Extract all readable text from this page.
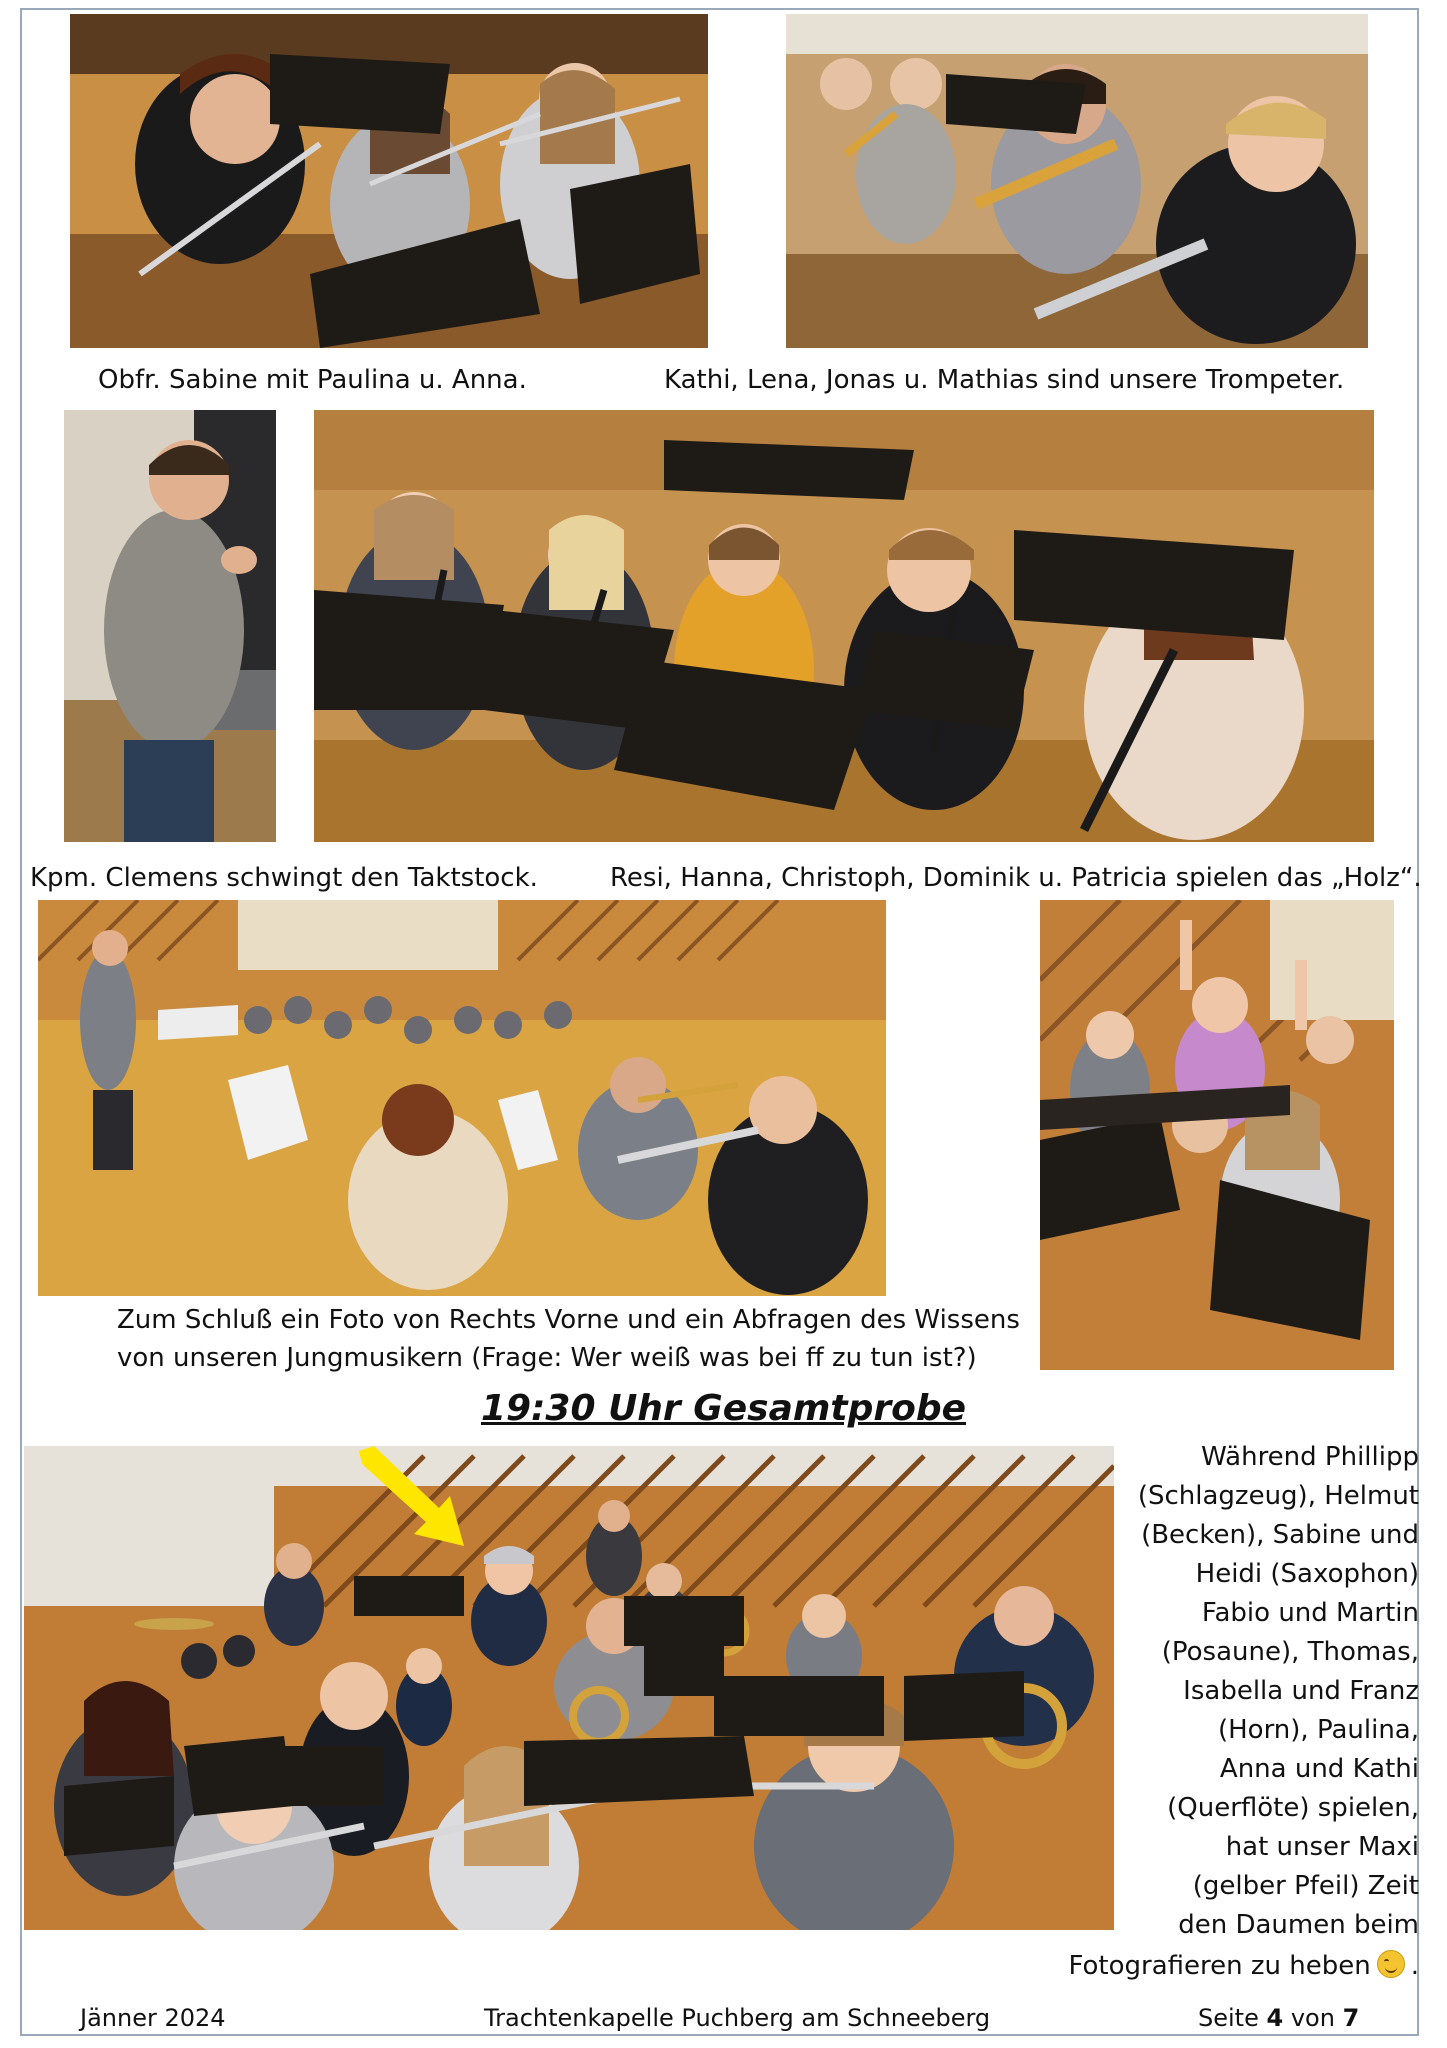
Obfr. Sabine mit Paulina u. Anna.	Kathi, Lena, Jonas u. Mathias sind unsere Trompeter.
Kpm. Clemens schwingt den Taktstock.	Resi, Hanna, Christoph, Dominik u. Patricia spielen das „Holz“.
Zum Schluß ein Foto von Rechts Vorne und ein Abfragen des Wissens
von unseren Jungmusikern (Frage: Wer weiß was bei ff zu tun ist?)
19:30 Uhr Gesamtprobe
Während Phillipp
(Schlagzeug), Helmut
(Becken), Sabine und
Heidi (Saxophon)
Fabio und Martin
(Posaune), Thomas,
Isabella und Franz
(Horn), Paulina,
Anna und Kathi
(Querflöte) spielen,
hat unser Maxi
(gelber Pfeil) Zeit
den Daumen beim
Fotografieren zu heben .
Jänner 2024	Trachtenkapelle Puchberg am Schneeberg	Seite 4 von 7
